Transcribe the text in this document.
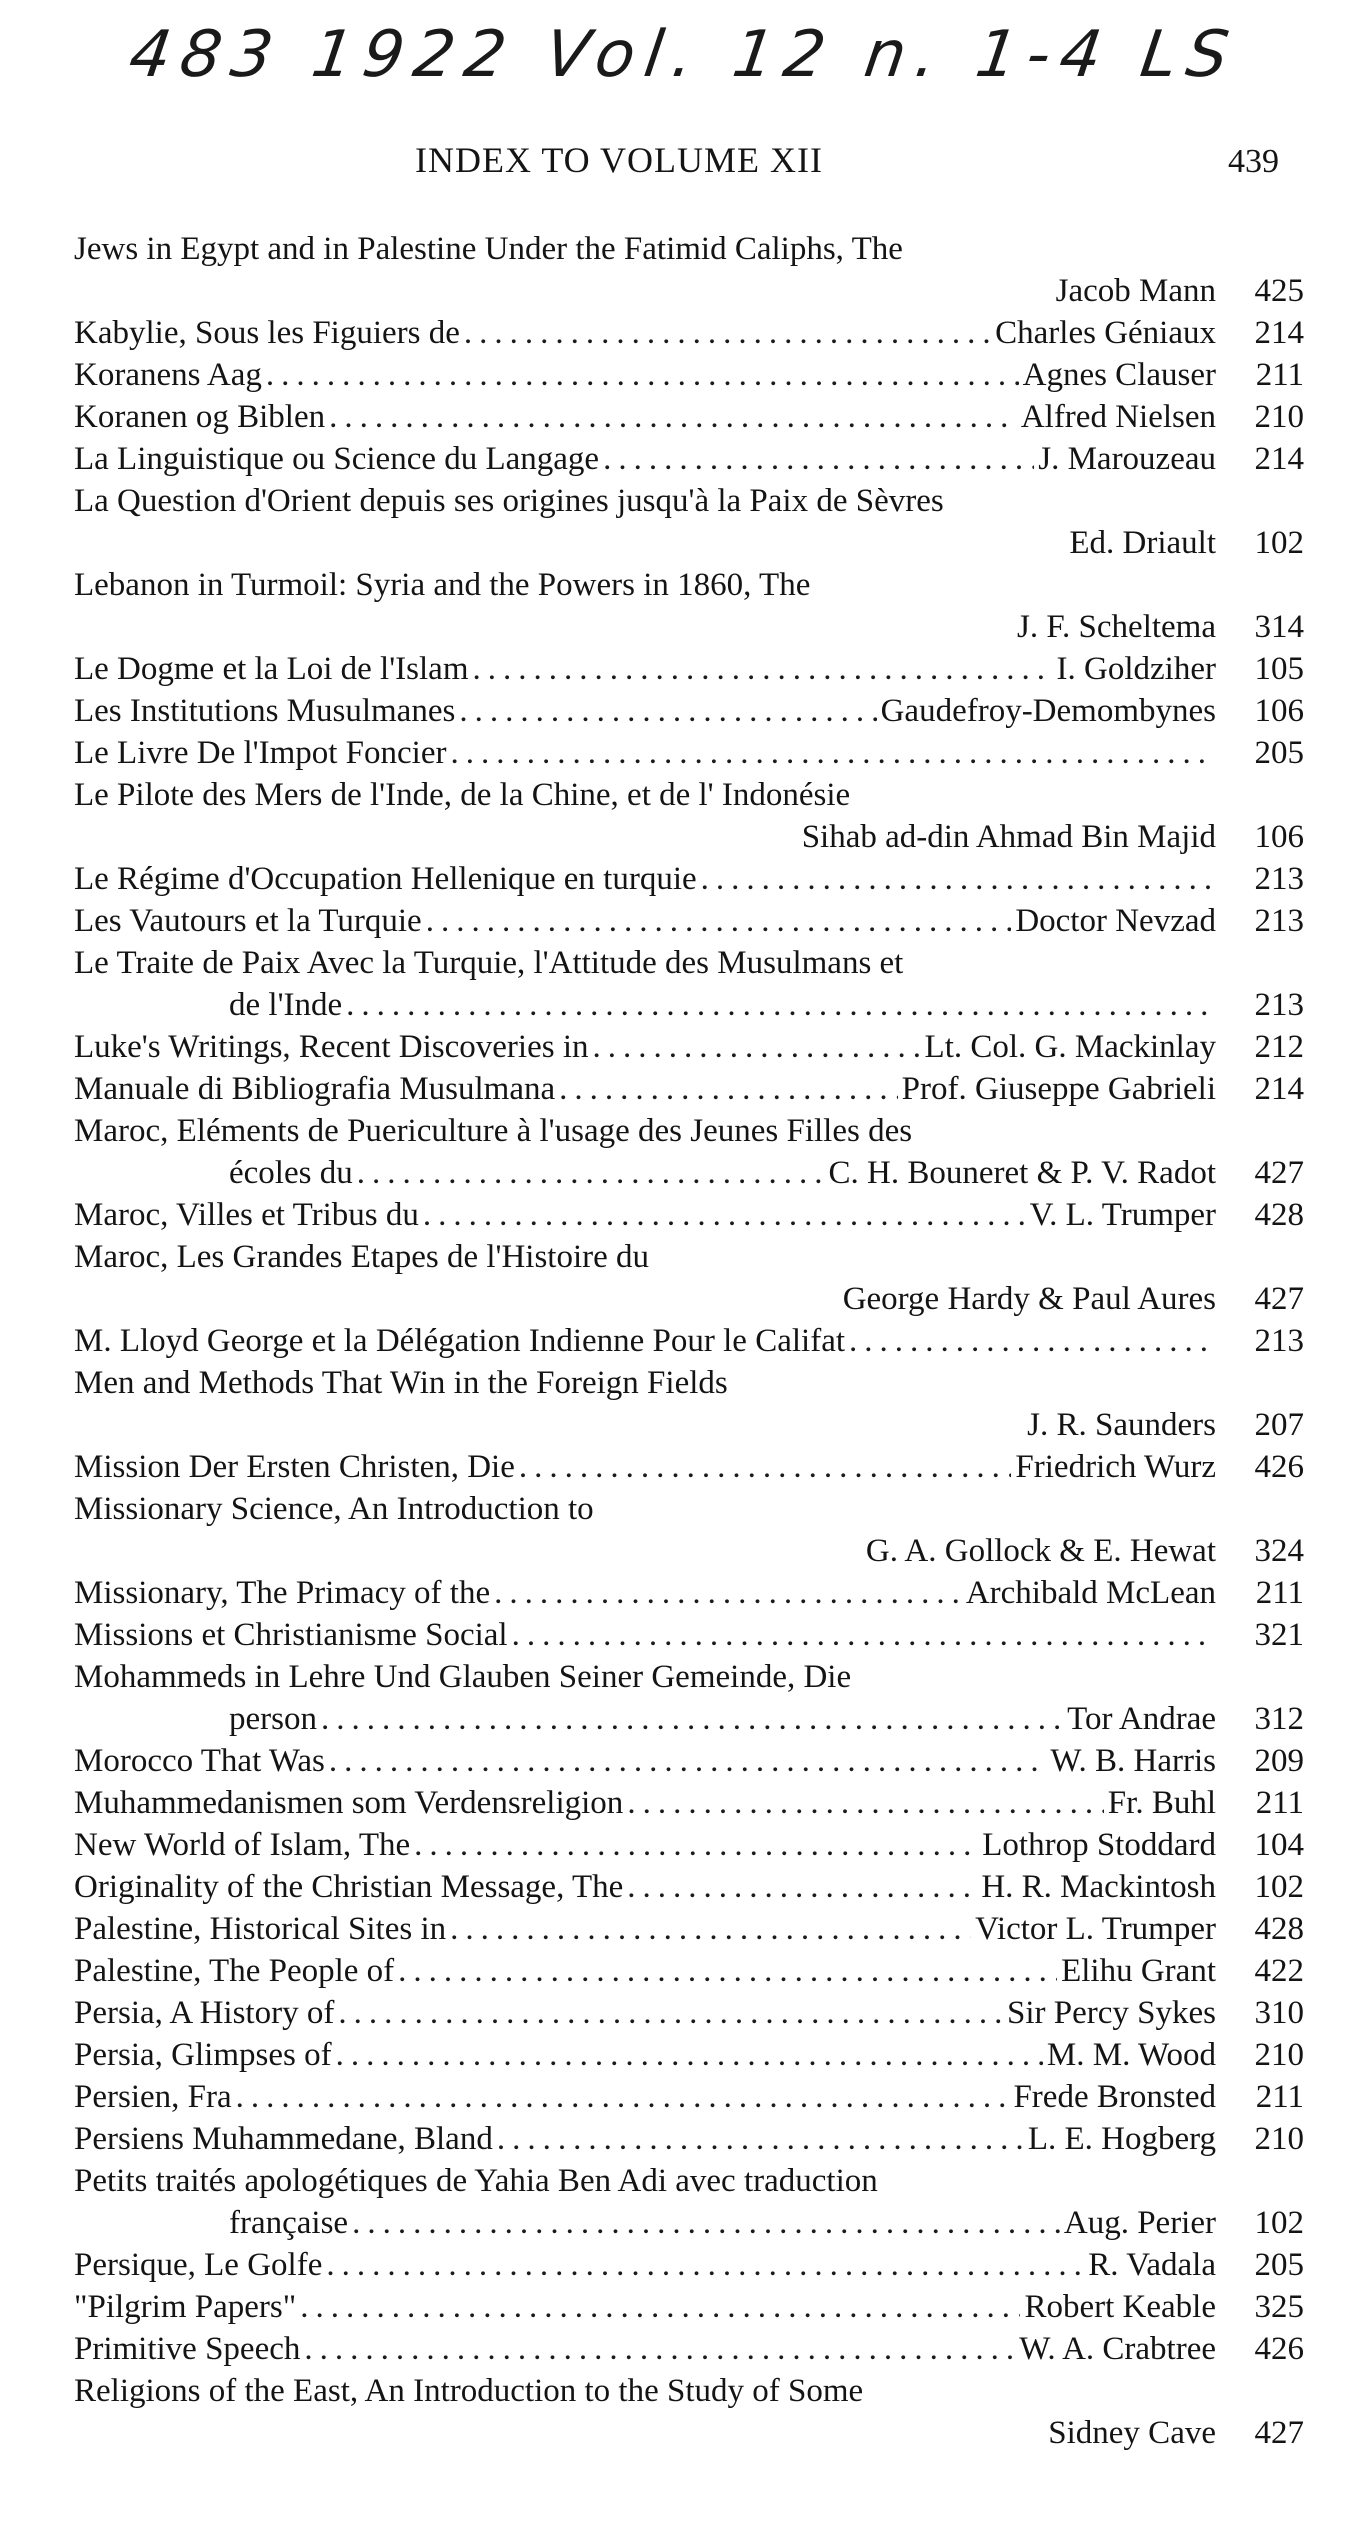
483 1922 Vol. 12 n. 1-4 LS
INDEX TO VOLUME XII	439
Jews in Egypt and in Palestine Under the Fatimid Caliphs, The
Jacob Mann	425
Kabylie, Sous les Figuiers de .....	Charles Géniaux	214
Koranens Aag .....	Agnes Clauser	211
Koranen og Biblen .....	Alfred Nielsen	210
La Linguistique ou Science du Langage .....	J. Marouzeau	214
La Question d'Orient depuis ses origines jusqu'à la Paix de Sèvres
Ed. Driault	102
Lebanon in Turmoil: Syria and the Powers in 1860, The
J. F. Scheltema	314
Le Dogme et la Loi de l'Islam .....	I. Goldziher	105
Les Institutions Musulmanes .....	Gaudefroy-Demombynes	106
Le Livre De l'Impot Foncier .....	205
Le Pilote des Mers de l'Inde, de la Chine, et de l' Indonésie
Sihab ad-din Ahmad Bin Majid	106
Le Régime d'Occupation Hellenique en turquie .....	213
Les Vautours et la Turquie .....	Doctor Nevzad	213
Le Traite de Paix Avec la Turquie, l'Attitude des Musulmans et
de l'Inde .....	213
Luke's Writings, Recent Discoveries in .....	Lt. Col. G. Mackinlay	212
Manuale di Bibliografia Musulmana .....	Prof. Giuseppe Gabrieli	214
Maroc, Eléments de Puericulture à l'usage des Jeunes Filles des
écoles du .....	C. H. Bouneret & P. V. Radot	427
Maroc, Villes et Tribus du .....	V. L. Trumper	428
Maroc, Les Grandes Etapes de l'Histoire du
George Hardy & Paul Aures	427
M. Lloyd George et la Délégation Indienne Pour le Califat .....	213
Men and Methods That Win in the Foreign Fields
J. R. Saunders	207
Mission Der Ersten Christen, Die .....	Friedrich Wurz	426
Missionary Science, An Introduction to
G. A. Gollock & E. Hewat	324
Missionary, The Primacy of the .....	Archibald McLean	211
Missions et Christianisme Social .....	321
Mohammeds in Lehre Und Glauben Seiner Gemeinde, Die
person .....	Tor Andrae	312
Morocco That Was .....	W. B. Harris	209
Muhammedanismen som Verdensreligion .....	Fr. Buhl	211
New World of Islam, The .....	Lothrop Stoddard	104
Originality of the Christian Message, The .....	H. R. Mackintosh	102
Palestine, Historical Sites in .....	Victor L. Trumper	428
Palestine, The People of .....	Elihu Grant	422
Persia, A History of .....	Sir Percy Sykes	310
Persia, Glimpses of .....	M. M. Wood	210
Persien, Fra .....	Frede Bronsted	211
Persiens Muhammedane, Bland .....	L. E. Hogberg	210
Petits traités apologétiques de Yahia Ben Adi avec traduction
française .....	Aug. Perier	102
Persique, Le Golfe .....	R. Vadala	205
"Pilgrim Papers" .....	Robert Keable	325
Primitive Speech .....	W. A. Crabtree	426
Religions of the East, An Introduction to the Study of Some
Sidney Cave	427
